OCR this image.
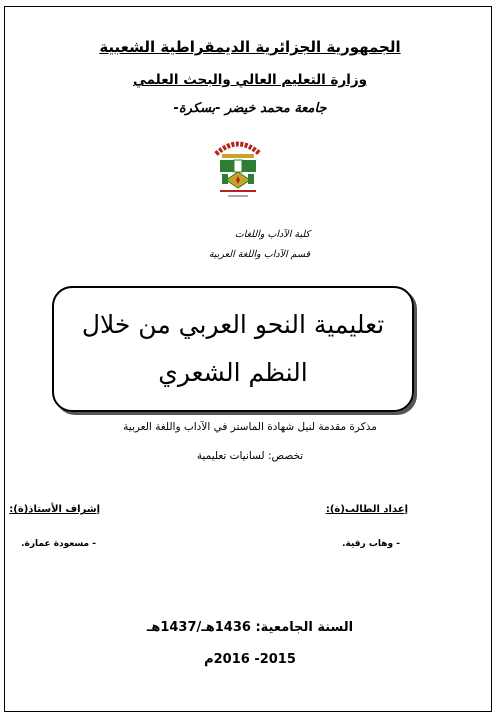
الجمهورية الجزائرية الديمقراطية الشعبية
وزارة التعليم العالي والبحث العلمي
جامعة محمد خيضر -بسكرة-
كلية الآداب واللغات
قسم الآداب واللغة العربية
تعليمية النحو العربي من خلال
النظم الشعري
مذكرة مقدمة لنيل شهادة الماستر في الآداب واللغة العربية
تخصص: لسانيات تعليمية
إعداد الطالب(ة):
إشراف الأستاذ(ة):
- وهاب رقية.
- مسعودة عمارة.
السنة الجامعية: 1436هـ/1437هـ
2015- 2016م
